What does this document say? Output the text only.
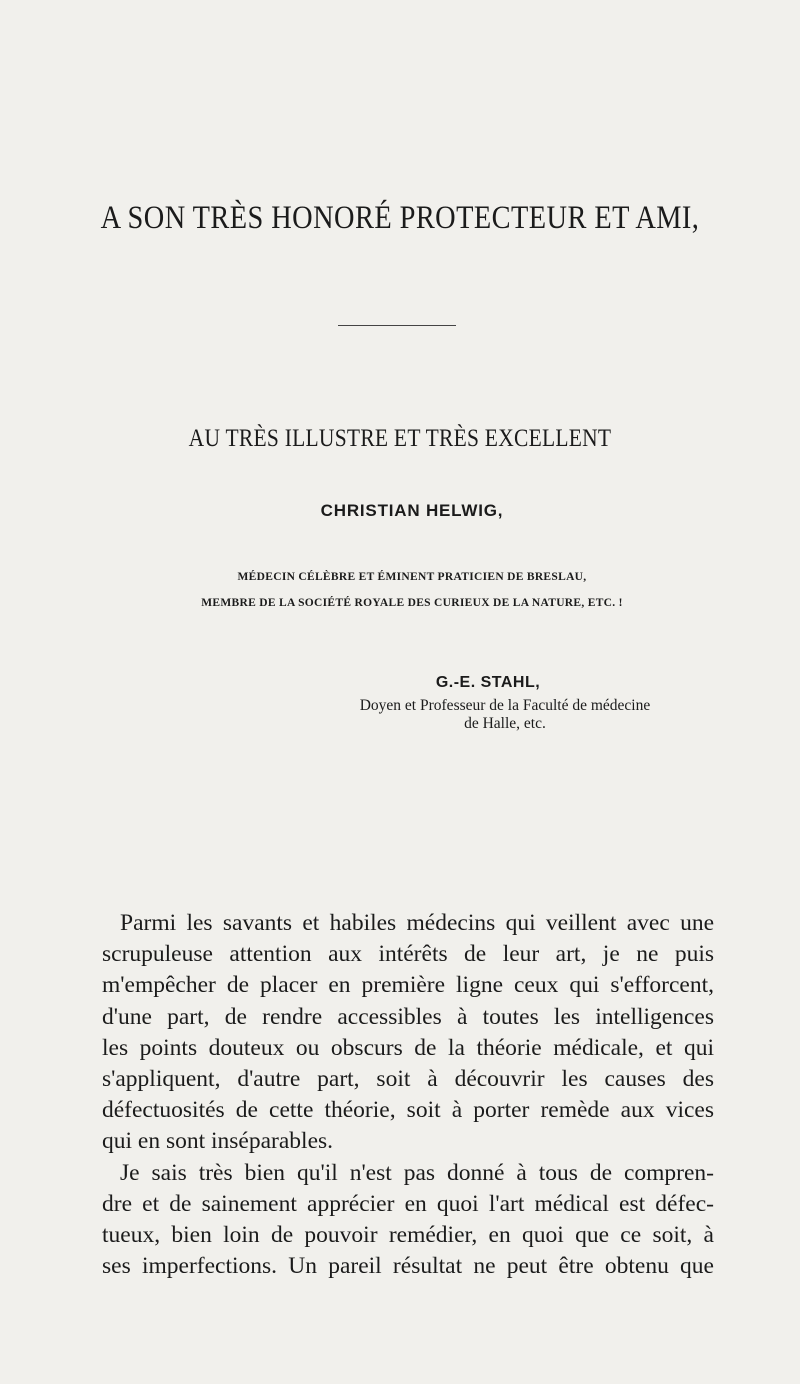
A SON TRÈS HONORÉ PROTECTEUR ET AMI,
AU TRÈS ILLUSTRE ET TRÈS EXCELLENT
CHRISTIAN HELWIG,
MÉDECIN CÉLÈBRE ET ÉMINENT PRATICIEN DE BRESLAU,
MEMBRE DE LA SOCIÉTÉ ROYALE DES CURIEUX DE LA NATURE, ETC. !
G.-E. STAHL,
Doyen et Professeur de la Faculté de médecine
de Halle, etc.
Parmi les savants et habiles médecins qui veillent avec une
scrupuleuse attention aux intérêts de leur art, je ne puis
m'empêcher de placer en première ligne ceux qui s'efforcent,
d'une part, de rendre accessibles à toutes les intelligences
les points douteux ou obscurs de la théorie médicale, et qui
s'appliquent, d'autre part, soit à découvrir les causes des
défectuosités de cette théorie, soit à porter remède aux vices
qui en sont inséparables.
Je sais très bien qu'il n'est pas donné à tous de compren-
dre et de sainement apprécier en quoi l'art médical est défec-
tueux, bien loin de pouvoir remédier, en quoi que ce soit, à
ses imperfections. Un pareil résultat ne peut être obtenu que
